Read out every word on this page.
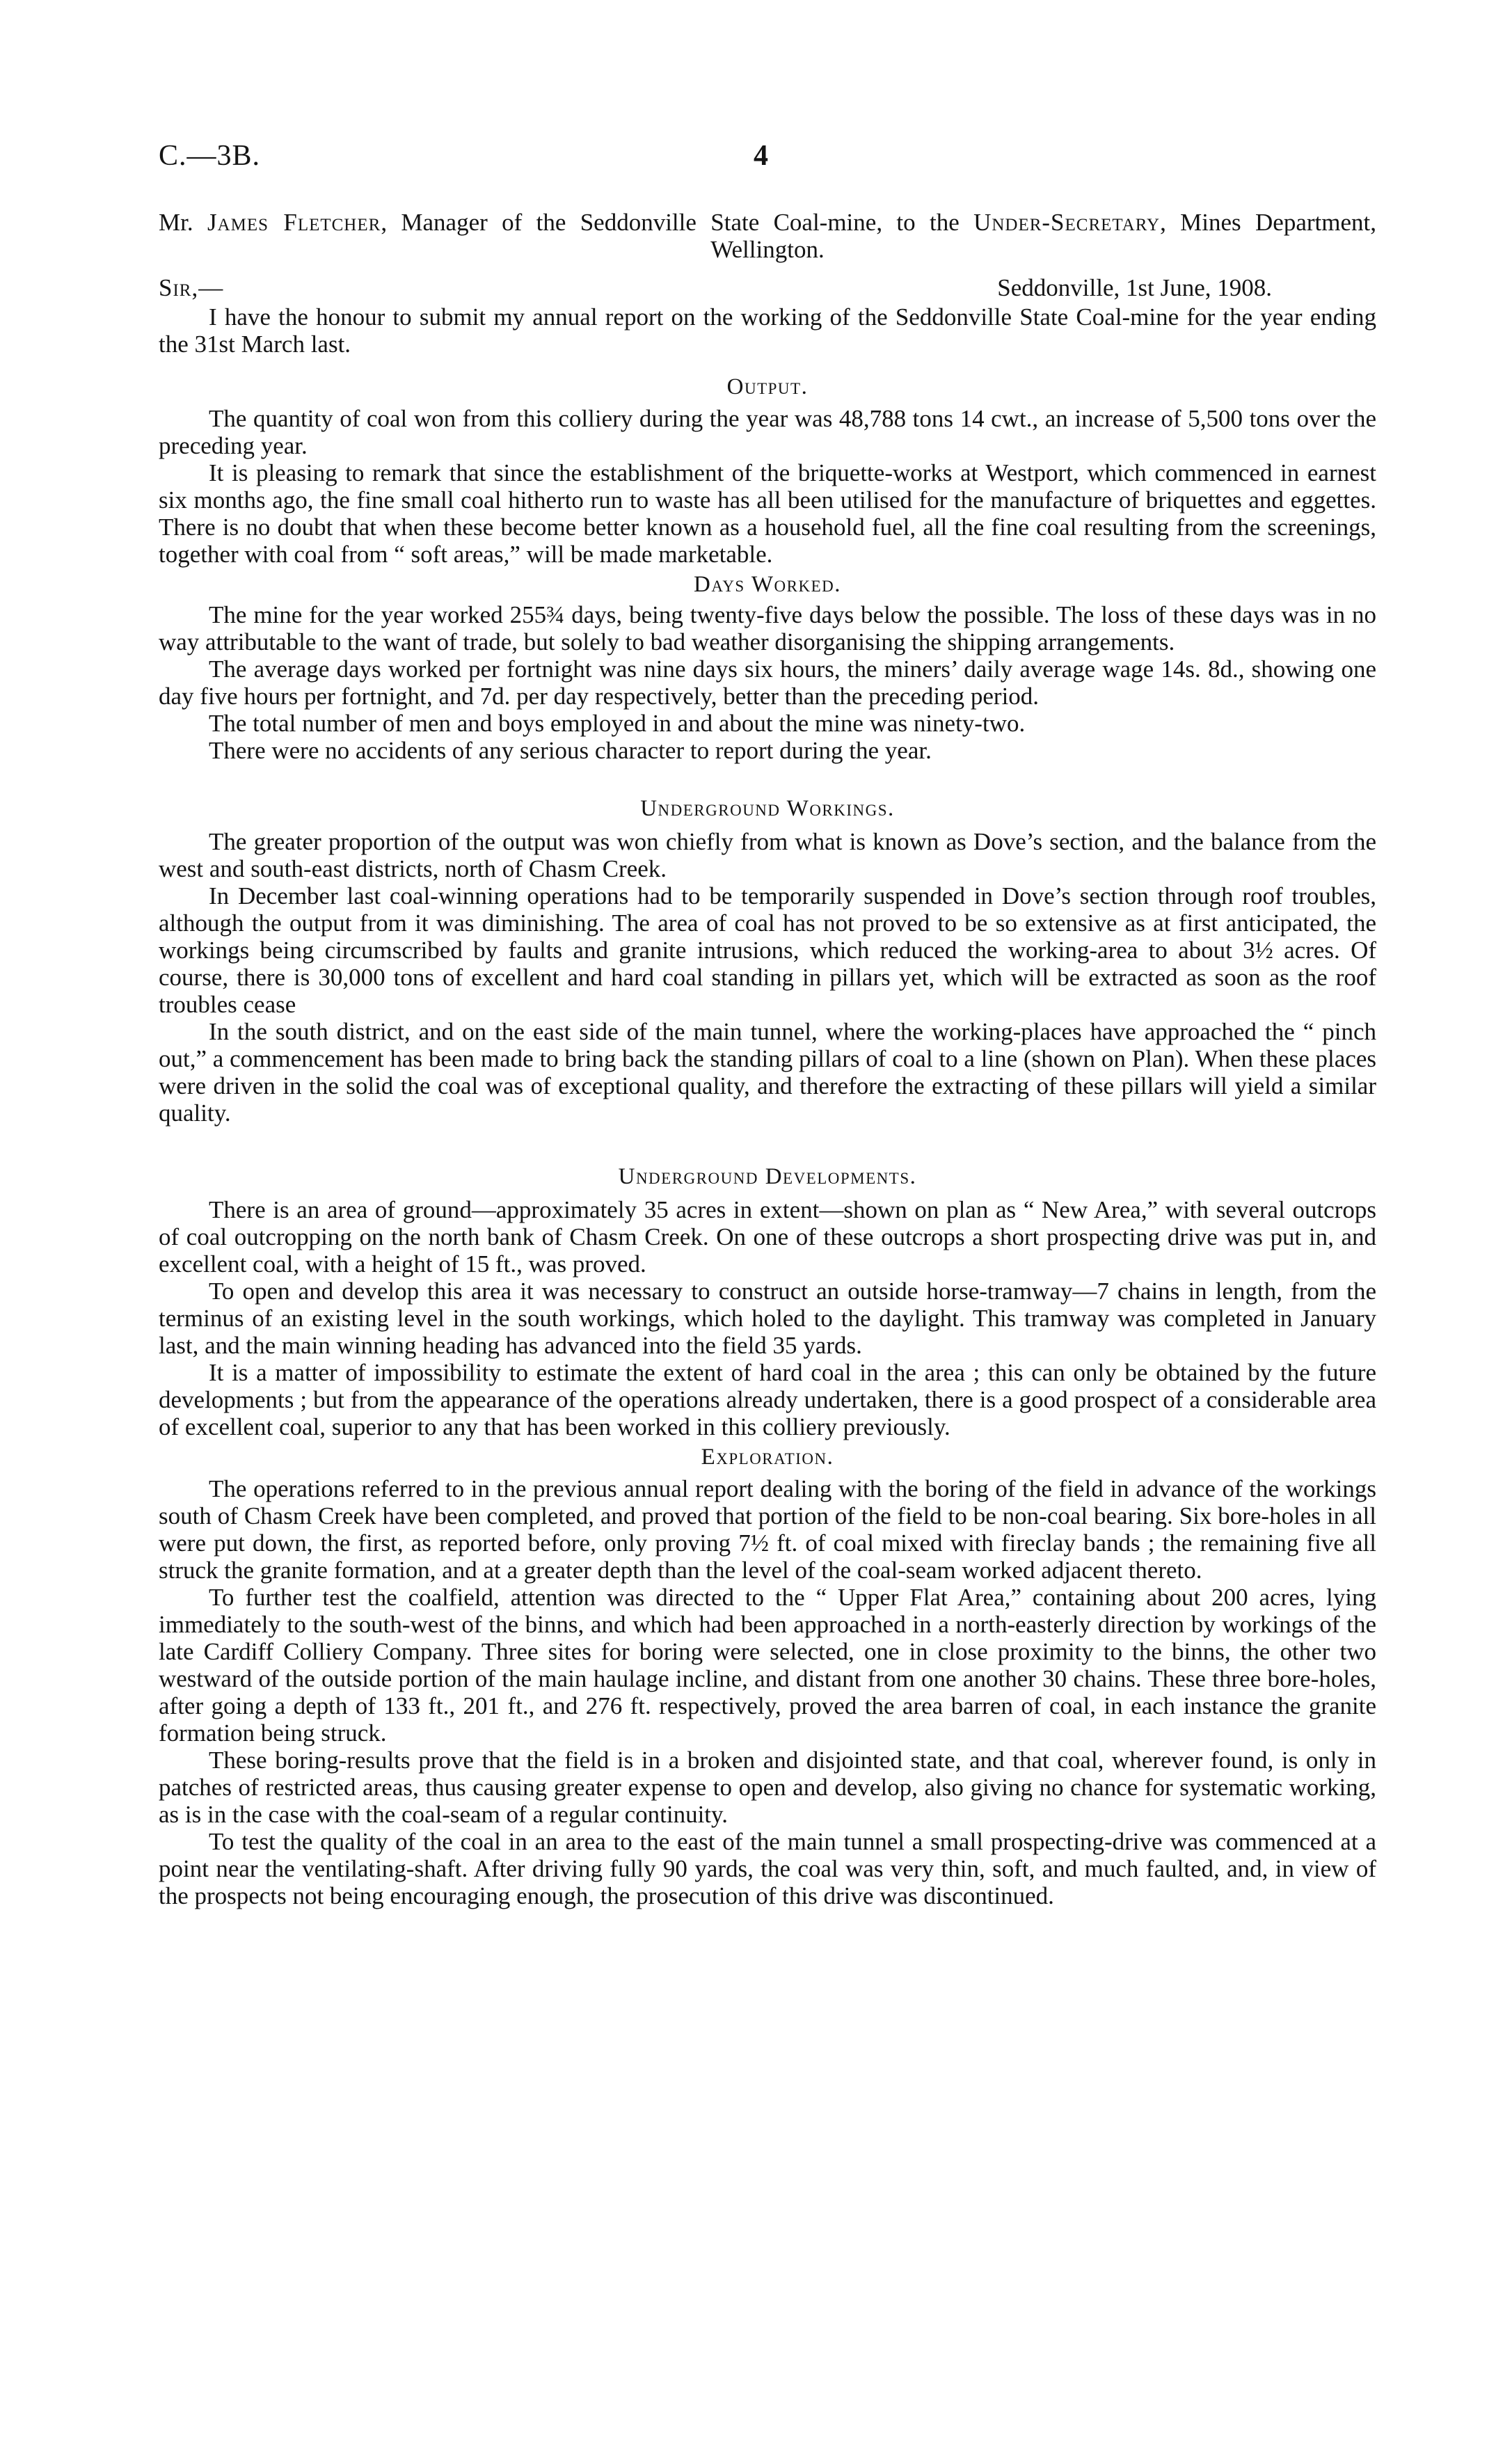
C.—3B.	4
Mr. James Fletcher, Manager of the Seddonville State Coal-mine, to the Under-Secretary, Mines Department, Wellington.
Sir,—	Seddonville, 1st June, 1908.

I have the honour to submit my annual report on the working of the Seddonville State Coal-mine for the year ending the 31st March last.

Output.

The quantity of coal won from this colliery during the year was 48,788 tons 14 cwt., an increase of 5,500 tons over the preceding year.

It is pleasing to remark that since the establishment of the briquette-works at Westport, which commenced in earnest six months ago, the fine small coal hitherto run to waste has all been utilised for the manufacture of briquettes and eggettes. There is no doubt that when these become better known as a household fuel, all the fine coal resulting from the screenings, together with coal from “ soft areas,” will be made marketable.

Days Worked.

The mine for the year worked 255¾ days, being twenty-five days below the possible. The loss of these days was in no way attributable to the want of trade, but solely to bad weather disorganising the shipping arrangements.

The average days worked per fortnight was nine days six hours, the miners’ daily average wage 14s. 8d., showing one day five hours per fortnight, and 7d. per day respectively, better than the preceding period.

The total number of men and boys employed in and about the mine was ninety-two.

There were no accidents of any serious character to report during the year.

Underground Workings.

The greater proportion of the output was won chiefly from what is known as Dove’s section, and the balance from the west and south-east districts, north of Chasm Creek.

In December last coal-winning operations had to be temporarily suspended in Dove’s section through roof troubles, although the output from it was diminishing. The area of coal has not proved to be so extensive as at first anticipated, the workings being circumscribed by faults and granite intrusions, which reduced the working-area to about 3½ acres. Of course, there is 30,000 tons of excellent and hard coal standing in pillars yet, which will be extracted as soon as the roof troubles cease

In the south district, and on the east side of the main tunnel, where the working-places have approached the “ pinch out,” a commencement has been made to bring back the standing pillars of coal to a line (shown on Plan). When these places were driven in the solid the coal was of exceptional quality, and therefore the extracting of these pillars will yield a similar quality.

Underground Developments.

There is an area of ground—approximately 35 acres in extent—shown on plan as “ New Area,” with several outcrops of coal outcropping on the north bank of Chasm Creek. On one of these outcrops a short prospecting drive was put in, and excellent coal, with a height of 15 ft., was proved.

To open and develop this area it was necessary to construct an outside horse-tramway—7 chains in length, from the terminus of an existing level in the south workings, which holed to the daylight. This tramway was completed in January last, and the main winning heading has advanced into the field 35 yards.

It is a matter of impossibility to estimate the extent of hard coal in the area ; this can only be obtained by the future developments ; but from the appearance of the operations already undertaken, there is a good prospect of a considerable area of excellent coal, superior to any that has been worked in this colliery previously.

Exploration.

The operations referred to in the previous annual report dealing with the boring of the field in advance of the workings south of Chasm Creek have been completed, and proved that portion of the field to be non-coal bearing. Six bore-holes in all were put down, the first, as reported before, only proving 7½ ft. of coal mixed with fireclay bands ; the remaining five all struck the granite formation, and at a greater depth than the level of the coal-seam worked adjacent thereto.

To further test the coalfield, attention was directed to the “ Upper Flat Area,” containing about 200 acres, lying immediately to the south-west of the binns, and which had been approached in a north-easterly direction by workings of the late Cardiff Colliery Company. Three sites for boring were selected, one in close proximity to the binns, the other two westward of the outside portion of the main haulage incline, and distant from one another 30 chains. These three bore-holes, after going a depth of 133 ft., 201 ft., and 276 ft. respectively, proved the area barren of coal, in each instance the granite formation being struck.

These boring-results prove that the field is in a broken and disjointed state, and that coal, wherever found, is only in patches of restricted areas, thus causing greater expense to open and develop, also giving no chance for systematic working, as is in the case with the coal-seam of a regular continuity.

To test the quality of the coal in an area to the east of the main tunnel a small prospecting-drive was commenced at a point near the ventilating-shaft. After driving fully 90 yards, the coal was very thin, soft, and much faulted, and, in view of the prospects not being encouraging enough, the prosecution of this drive was discontinued.
